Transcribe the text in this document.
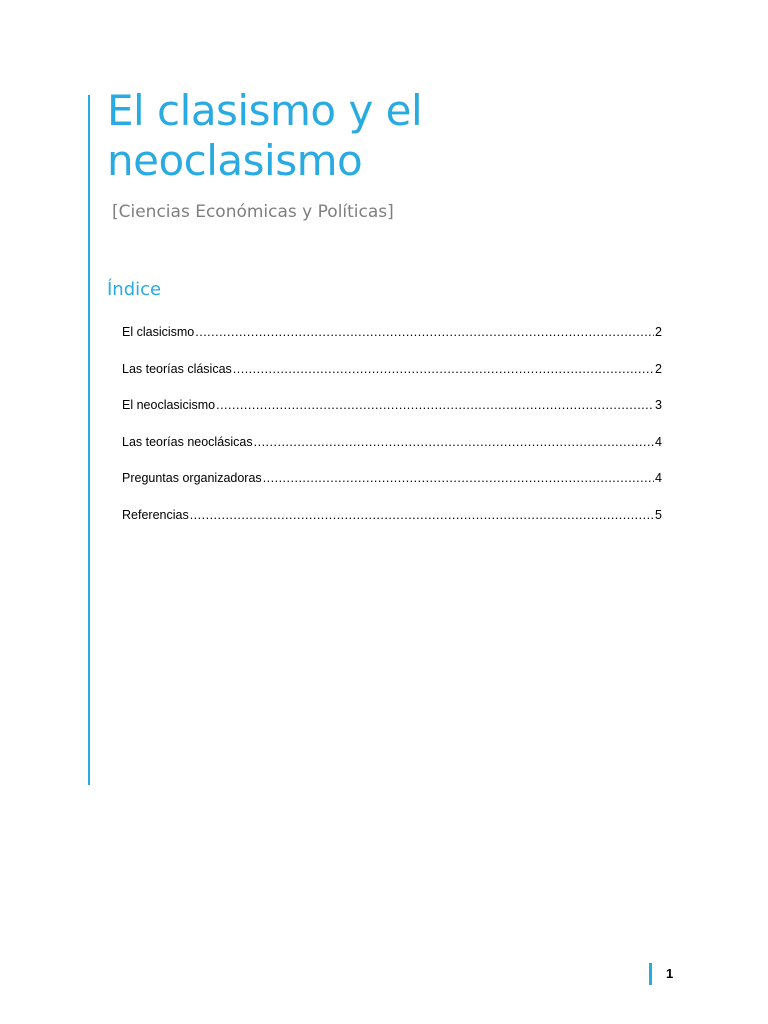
El clasismo y el neoclasismo

[Ciencias Económicas y Políticas]

Índice
El clasicismo .....	2
Las teorías clásicas .....	2
El neoclasicismo .....	3
Las teorías neoclásicas .....	4
Preguntas organizadoras .....	4
Referencias .....	5

1
